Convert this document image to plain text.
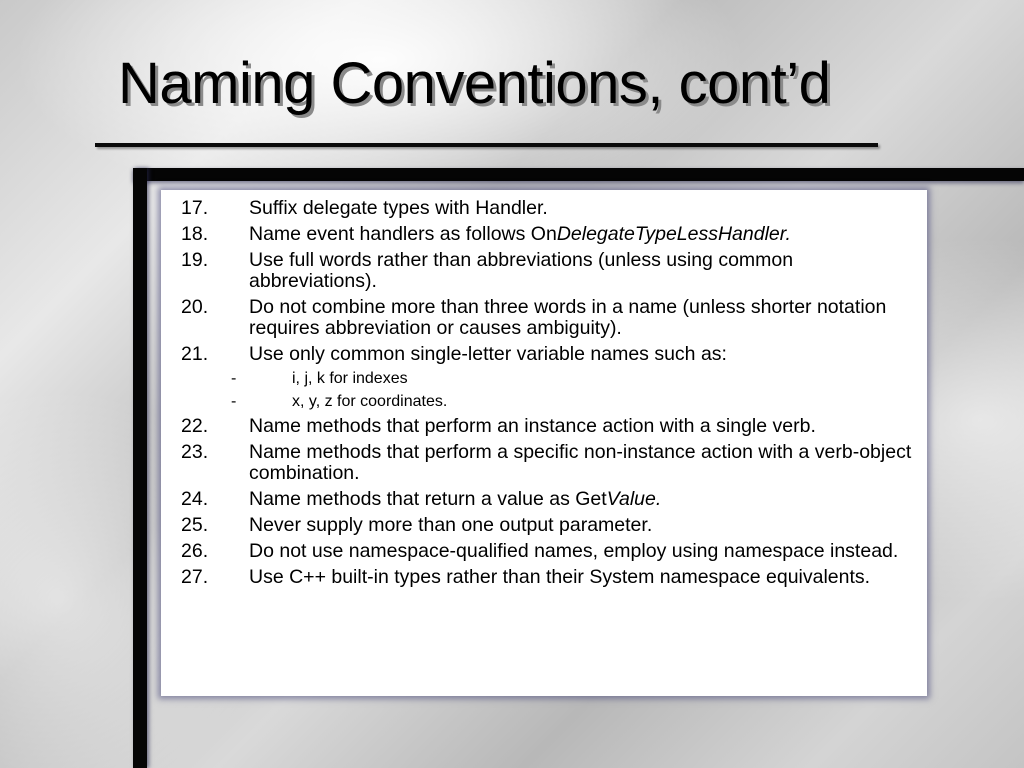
Naming Conventions, cont’d
17.	Suffix delegate types with Handler.
18.	Name event handlers as follows OnDelegateTypeLessHandler.
19.	Use full words rather than abbreviations (unless using common abbreviations).
20.	Do not combine more than three words in a name (unless shorter notation requires abbreviation or causes ambiguity).
21.	Use only common single-letter variable names such as:
-	i, j, k for indexes
-	x, y, z for coordinates.
22.	Name methods that perform an instance action with a single verb.
23.	Name methods that perform a specific non-instance action with a verb-object combination.
24.	Name methods that return a value as GetValue.
25.	Never supply more than one output parameter.
26.	Do not use namespace-qualified names, employ using namespace instead.
27.	Use C++ built-in types rather than their System namespace equivalents.
